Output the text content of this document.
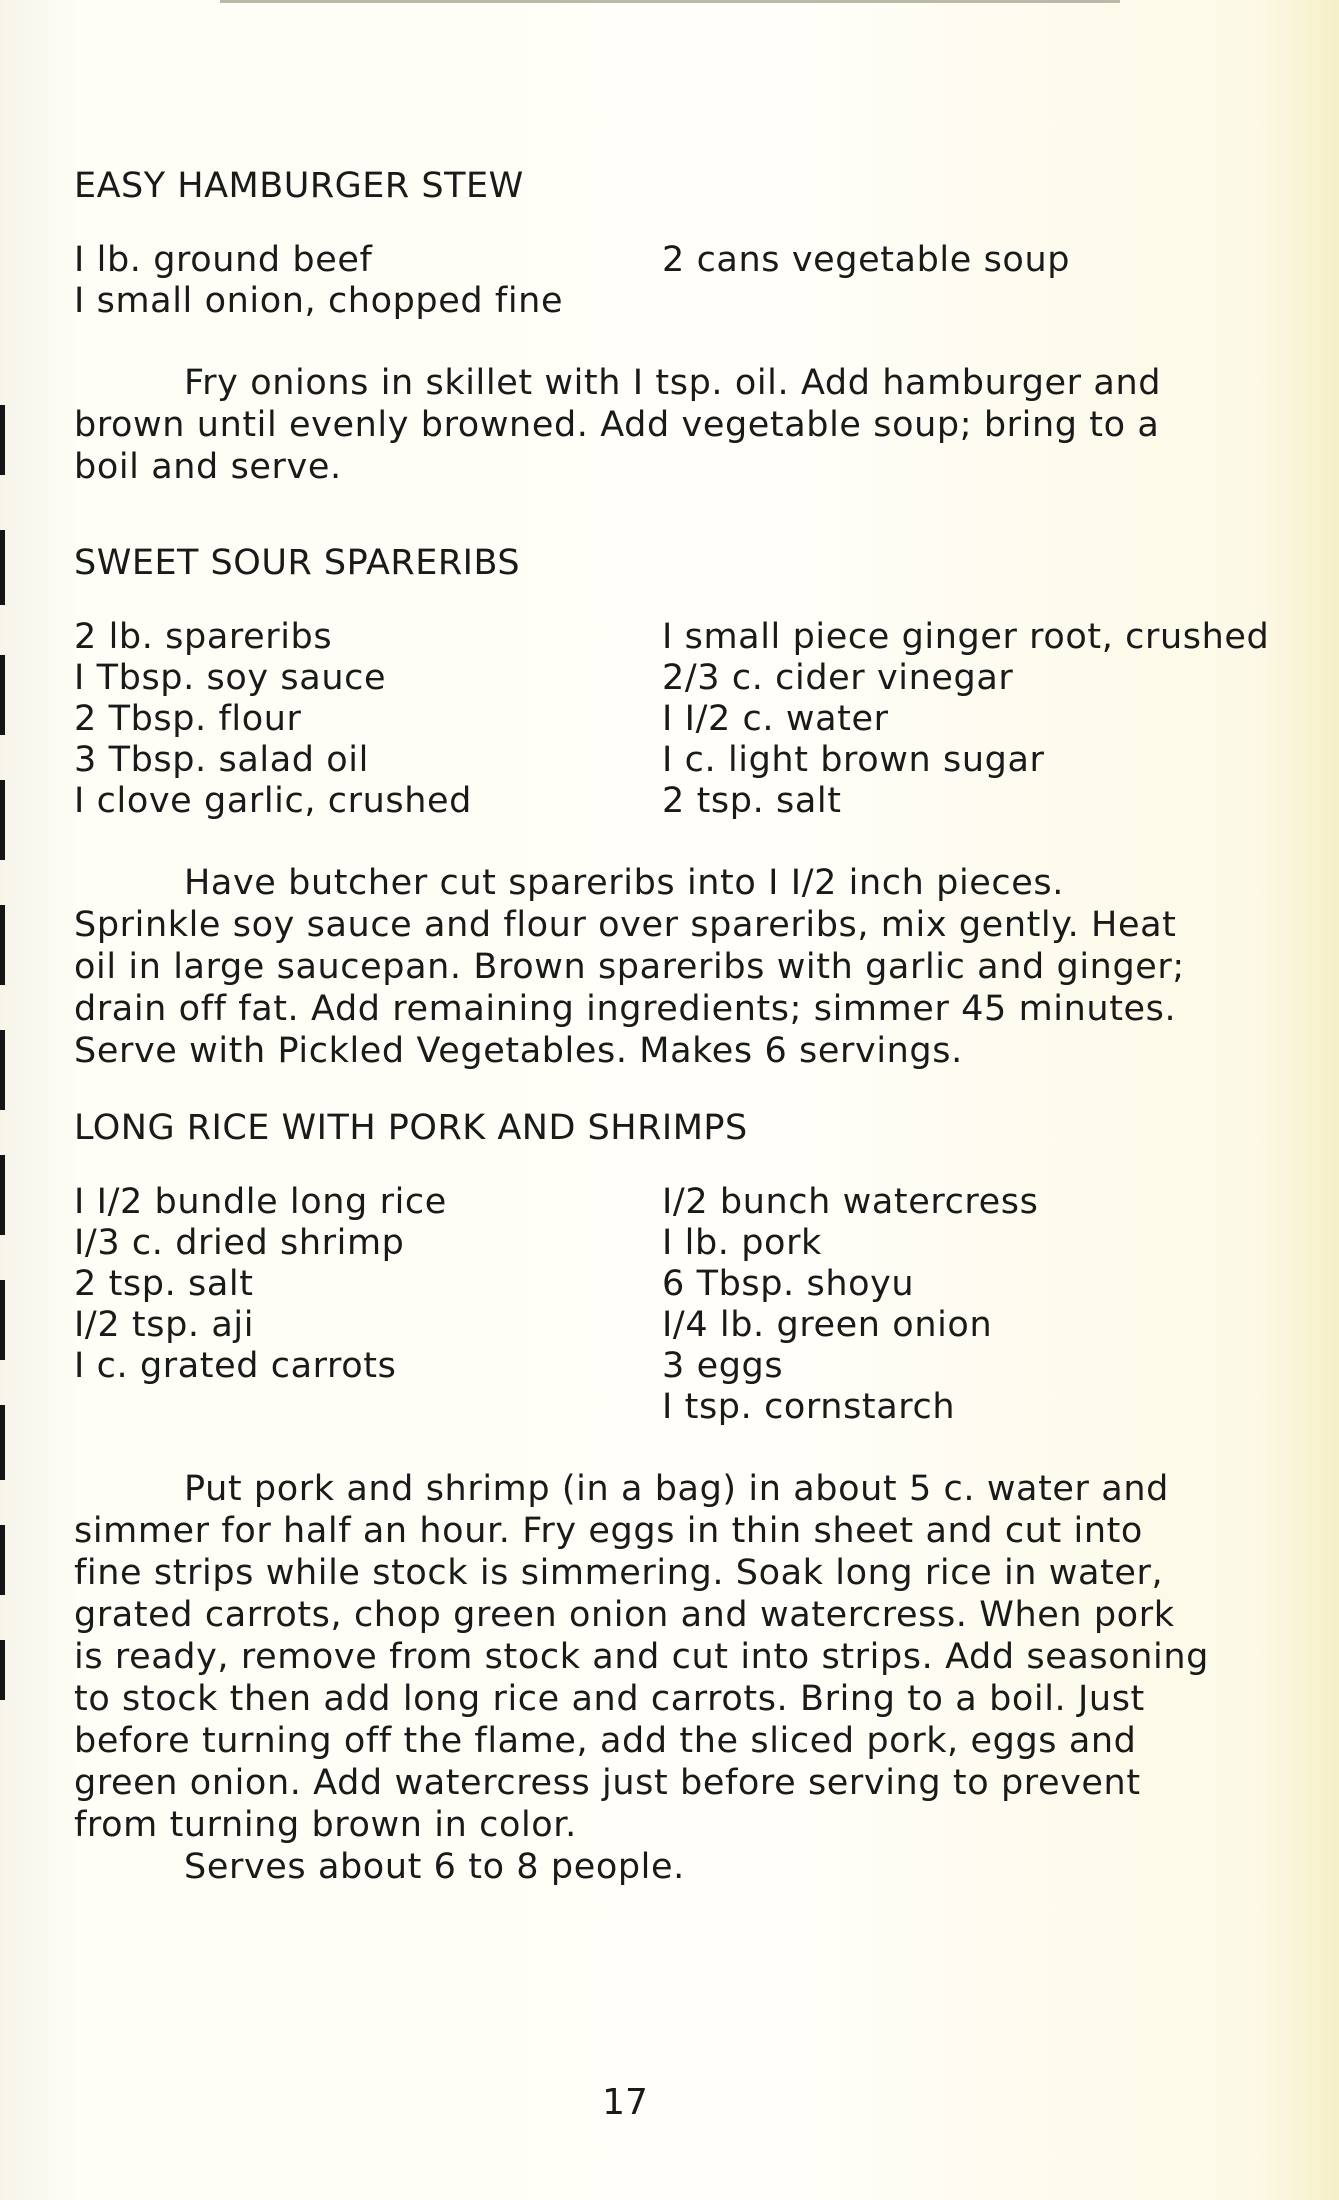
EASY HAMBURGER STEW
I lb. ground beef
I small onion, chopped fine
2 cans vegetable soup

Fry onions in skillet with I tsp. oil. Add hamburger and brown until evenly browned. Add vegetable soup; bring to a boil and serve.

SWEET SOUR SPARERIBS
2 lb. spareribs
I Tbsp. soy sauce
2 Tbsp. flour
3 Tbsp. salad oil
I clove garlic, crushed
I small piece ginger root, crushed
2/3 c. cider vinegar
I I/2 c. water
I c. light brown sugar
2 tsp. salt

Have butcher cut spareribs into I I/2 inch pieces. Sprinkle soy sauce and flour over spareribs, mix gently. Heat oil in large saucepan. Brown spareribs with garlic and ginger; drain off fat. Add remaining ingredients; simmer 45 minutes. Serve with Pickled Vegetables. Makes 6 servings.

LONG RICE WITH PORK AND SHRIMPS
I I/2 bundle long rice
I/3 c. dried shrimp
2 tsp. salt
I/2 tsp. aji
I c. grated carrots
I/2 bunch watercress
I lb. pork
6 Tbsp. shoyu
I/4 lb. green onion
3 eggs
I tsp. cornstarch

Put pork and shrimp (in a bag) in about 5 c. water and simmer for half an hour. Fry eggs in thin sheet and cut into fine strips while stock is simmering. Soak long rice in water, grated carrots, chop green onion and watercress. When pork is ready, remove from stock and cut into strips. Add seasoning to stock then add long rice and carrots. Bring to a boil. Just before turning off the flame, add the sliced pork, eggs and green onion. Add watercress just before serving to prevent from turning brown in color.

Serves about 6 to 8 people.

17
